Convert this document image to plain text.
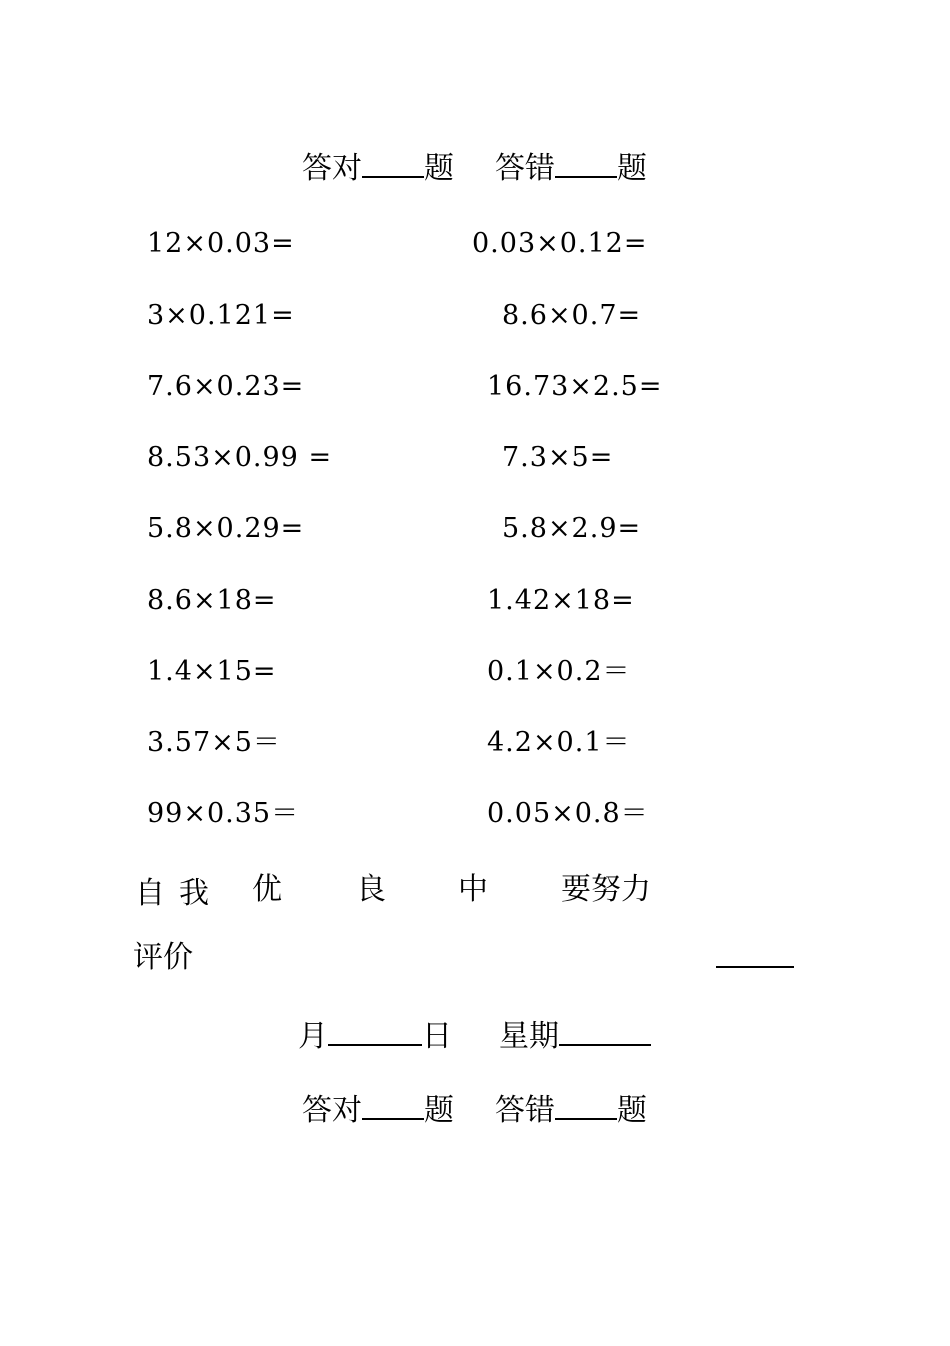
答对 题 答错 题
12×0.03=
3×0.121=
7.6×0.23=
8.53×0.99 =
5.8×0.29=
8.6×18=
1.4×15=
3.57×5＝
99×0.35＝
0.03×0.12=
8.6×0.7=
16.73×2.5=
7.3×5=
5.8×2.9=
1.42×18=
0.1×0.2＝
4.2×0.1＝
0.05×0.8＝
自我
评价
优 良 中 要努力
月	日 星期
答对 题 答错 题
